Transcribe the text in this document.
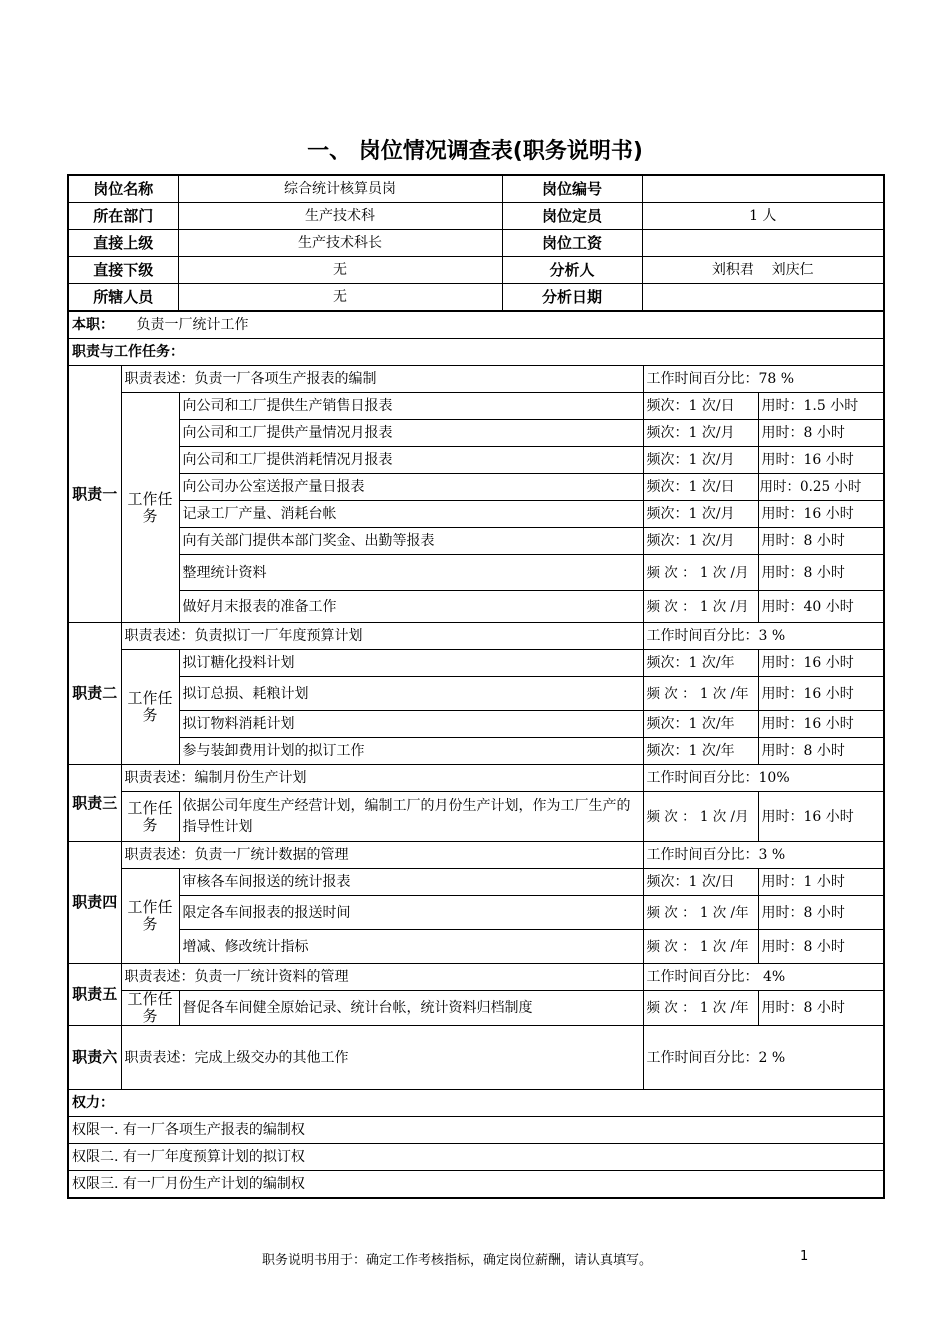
一、 岗位情况调查表(职务说明书)
岗位名称	综合统计核算员岗	岗位编号	
所在部门	生产技术科	岗位定员	1 人
直接上级	生产技术科长	岗位工资	
直接下级	无	分析人	刘积君    刘庆仁
所辖人员	无	分析日期	
本职： 负责一厂统计工作				
职责与工作任务：				
职责一	职责表述：负责一厂各项生产报表的编制		工作时间百分比：78 %	
	工作任务	向公司和工厂提供生产销售日报表	频次：1 次/日	用时：1.5 小时
		向公司和工厂提供产量情况月报表	频次：1 次/月	用时：8 小时
		向公司和工厂提供消耗情况月报表	频次：1 次/月	用时：16 小时
		向公司办公室送报产量日报表	频次：1 次/日	用时：0.25 小时
		记录工厂产量、消耗台帐	频次：1 次/月	用时：16 小时
		向有关部门提供本部门奖金、出勤等报表	频次：1 次/月	用时：8 小时
		整理统计资料	频 次 ： 1 次 /月	用时：8 小时
		做好月末报表的准备工作	频 次 ： 1 次 /月	用时：40 小时
职责二	职责表述：负责拟订一厂年度预算计划		工作时间百分比：3 %	
	工作任务	拟订糖化投料计划	频次：1 次/年	用时：16 小时
		拟订总损、耗粮计划	频 次 ： 1 次 /年	用时：16 小时
		拟订物料消耗计划	频次：1 次/年	用时：16 小时
		参与装卸费用计划的拟订工作	频次：1 次/年	用时：8 小时
职责三	职责表述：编制月份生产计划		工作时间百分比：10%	
	工作任务	依据公司年度生产经营计划，编制工厂的月份生产计划，作为工厂生产的指导性计划	频 次 ： 1 次 /月	用时：16 小时
职责四	职责表述：负责一厂统计数据的管理		工作时间百分比：3 %	
	工作任务	审核各车间报送的统计报表	频次：1 次/日	用时：1 小时
		限定各车间报表的报送时间	频 次 ： 1 次 /年	用时：8 小时
		增减、修改统计指标	频 次 ： 1 次 /年	用时：8 小时
职责五	职责表述：负责一厂统计资料的管理		工作时间百分比： 4%	
	工作任务	督促各车间健全原始记录、统计台帐，统计资料归档制度	频 次 ： 1 次 /年	用时：8 小时
职责六	职责表述：完成上级交办的其他工作		工作时间百分比：2 %	
权力：				
权限一. 有一厂各项生产报表的编制权				
权限二. 有一厂年度预算计划的拟订权				
权限三. 有一厂月份生产计划的编制权				
职务说明书用于：确定工作考核指标，确定岗位薪酬，请认真填写。	1
